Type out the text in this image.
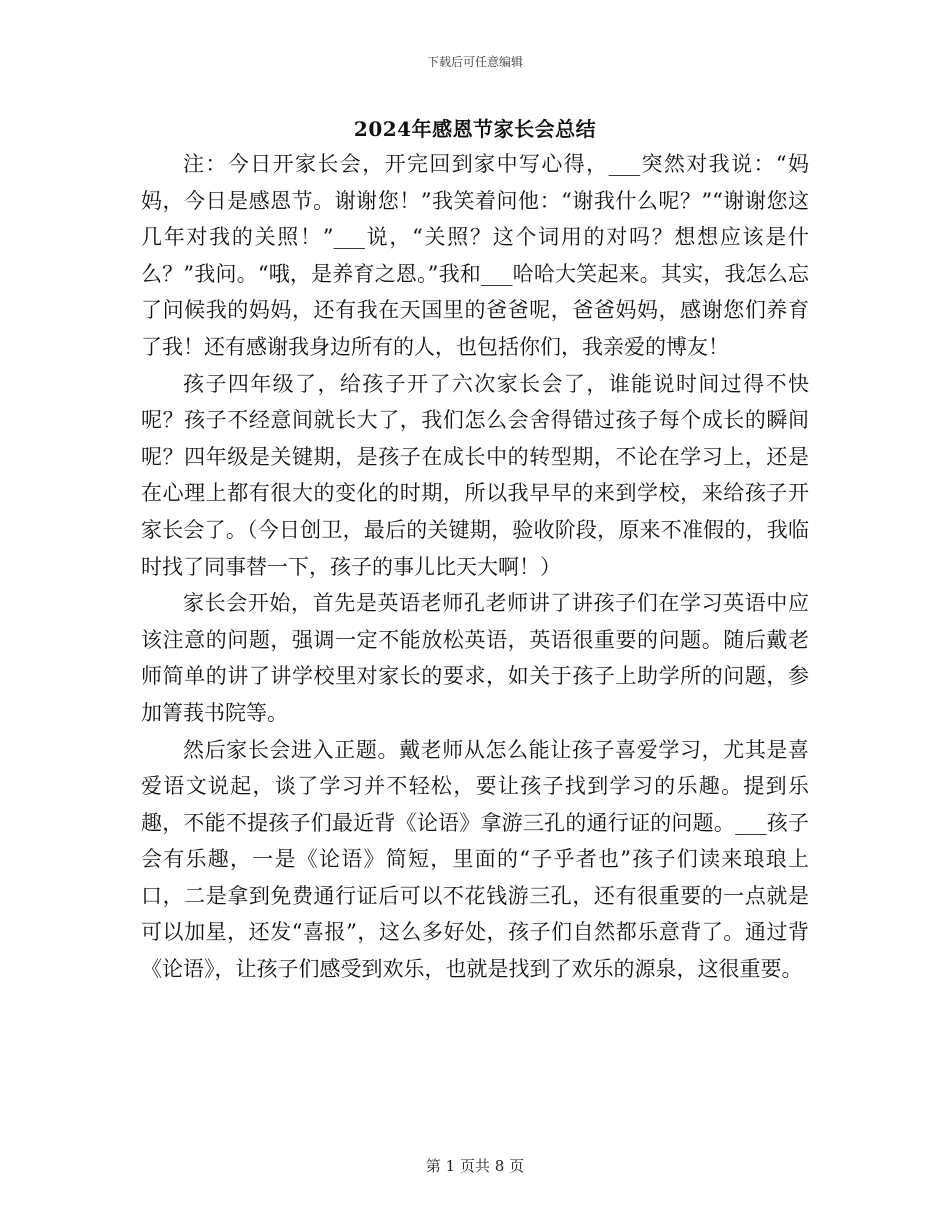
下载后可任意编辑
2024年感恩节家长会总结

注：今日开家长会，开完回到家中写心得，___突然对我说：“妈妈，今日是感恩节。谢谢您！”我笑着问他：“谢我什么呢？”“谢谢您这几年对我的关照！”___说，“关照？这个词用的对吗？想想应该是什么？”我问。“哦，是养育之恩。”我和___哈哈大笑起来。其实，我怎么忘了问候我的妈妈，还有我在天国里的爸爸呢，爸爸妈妈，感谢您们养育了我！还有感谢我身边所有的人，也包括你们，我亲爱的博友！

孩子四年级了，给孩子开了六次家长会了，谁能说时间过得不快呢？孩子不经意间就长大了，我们怎么会舍得错过孩子每个成长的瞬间呢？四年级是关键期，是孩子在成长中的转型期，不论在学习上，还是在心理上都有很大的变化的时期，所以我早早的来到学校，来给孩子开家长会了。（今日创卫，最后的关键期，验收阶段，原来不准假的，我临时找了同事替一下，孩子的事儿比天大啊！）

家长会开始，首先是英语老师孔老师讲了讲孩子们在学习英语中应该注意的问题，强调一定不能放松英语，英语很重要的问题。随后戴老师简单的讲了讲学校里对家长的要求，如关于孩子上助学所的问题，参加箐莪书院等。

然后家长会进入正题。戴老师从怎么能让孩子喜爱学习，尤其是喜爱语文说起，谈了学习并不轻松，要让孩子找到学习的乐趣。提到乐趣，不能不提孩子们最近背《论语》拿游三孔的通行证的问题。___孩子会有乐趣，一是《论语》简短，里面的“子乎者也”孩子们读来琅琅上口，二是拿到免费通行证后可以不花钱游三孔，还有很重要的一点就是可以加星，还发“喜报”，这么多好处，孩子们自然都乐意背了。通过背《论语》，让孩子们感受到欢乐，也就是找到了欢乐的源泉，这很重要。

第 1 页共 8 页
